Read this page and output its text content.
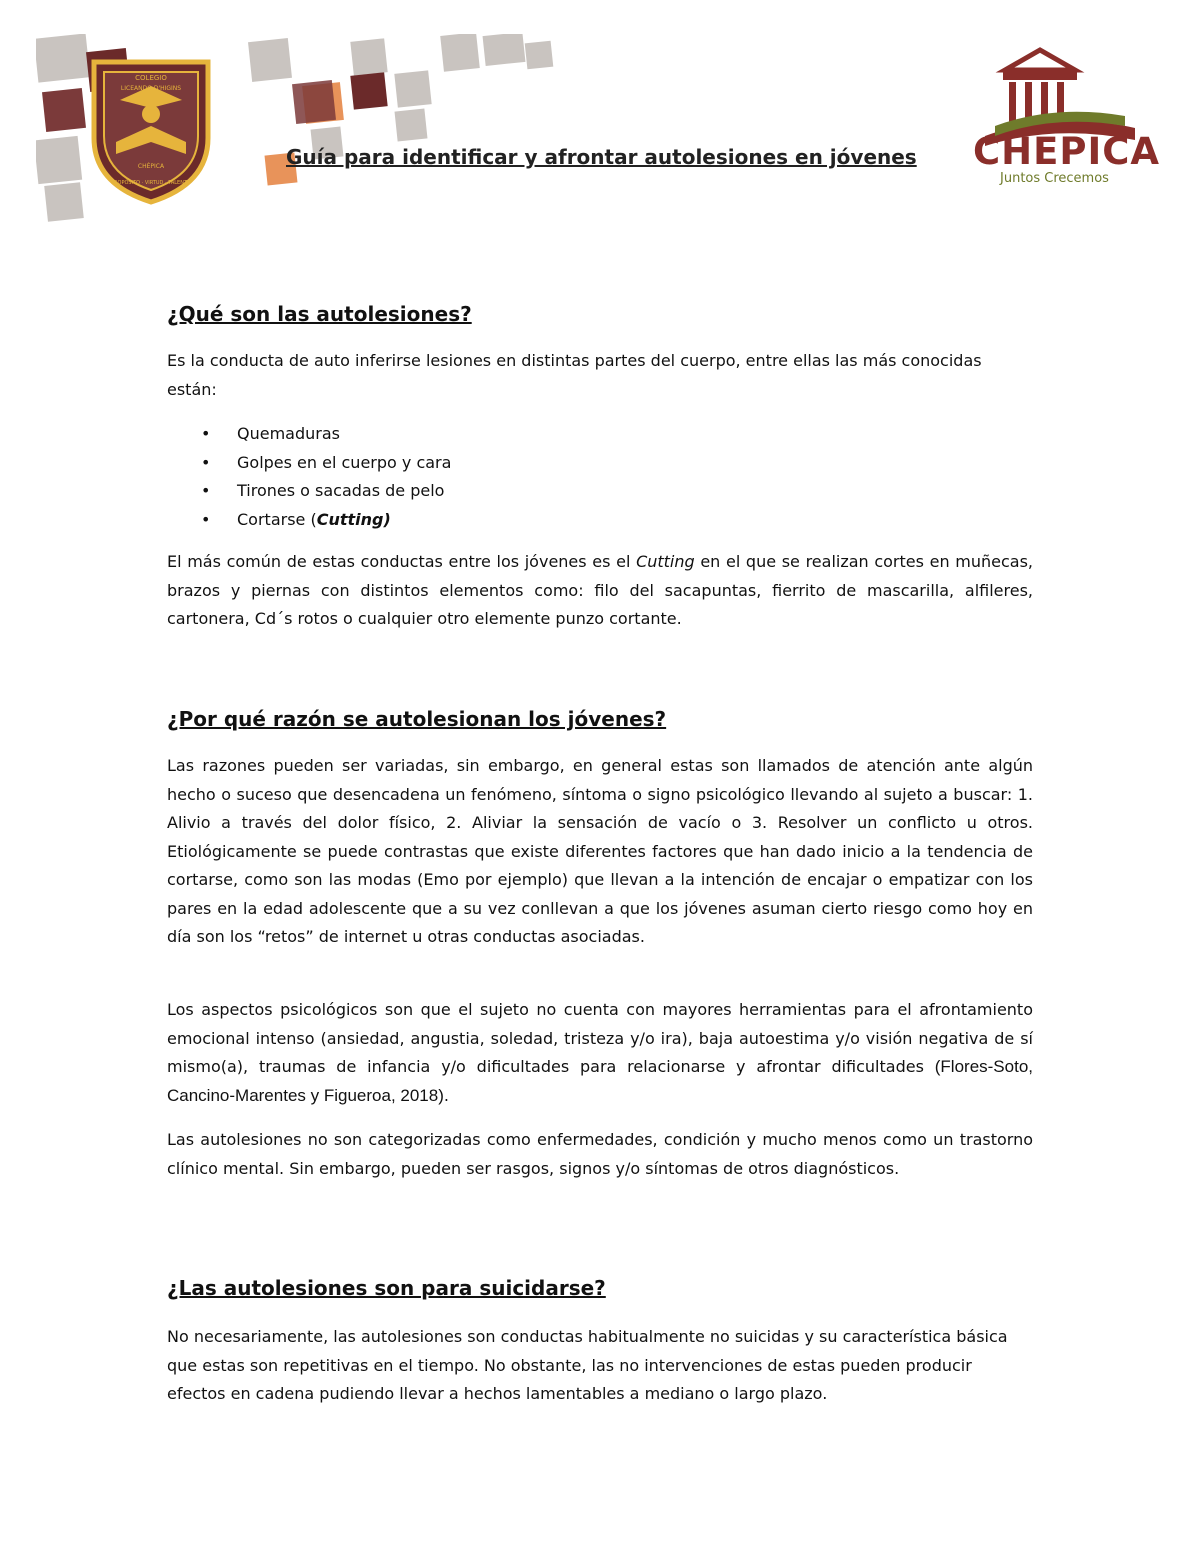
COLEGIO
LICEANDO D'HIGINS
CHÉPICA
PROPÓSITO · VIRTUD · TALENTO
CHÉPICA
Juntos Crecemos
Guía para identificar y afrontar autolesiones en jóvenes
¿Qué son las autolesiones?

Es la conducta de auto inferirse lesiones en distintas partes del cuerpo, entre ellas las más conocidas están:

• Quemaduras
• Golpes en el cuerpo y cara
• Tirones o sacadas de pelo
• Cortarse (Cutting)

El más común de estas conductas entre los jóvenes es el Cutting en el que se realizan cortes en muñecas, brazos y piernas con distintos elementos como: filo del sacapuntas, fierrito de mascarilla, alfileres, cartonera, Cd´s rotos o cualquier otro elemente punzo cortante.

¿Por qué razón se autolesionan los jóvenes?

Las razones pueden ser variadas, sin embargo, en general estas son llamados de atención ante algún hecho o suceso que desencadena un fenómeno, síntoma o signo psicológico llevando al sujeto a buscar: 1. Alivio a través del dolor físico, 2. Aliviar la sensación de vacío o 3. Resolver un conflicto u otros. Etiológicamente se puede contrastas que existe diferentes factores que han dado inicio a la tendencia de cortarse, como son las modas (Emo por ejemplo) que llevan a la intención de encajar o empatizar con los pares en la edad adolescente que a su vez conllevan a que los jóvenes asuman cierto riesgo como hoy en día son los “retos” de internet u otras conductas asociadas.

Los aspectos psicológicos son que el sujeto no cuenta con mayores herramientas para el afrontamiento emocional intenso (ansiedad, angustia, soledad, tristeza y/o ira), baja autoestima y/o visión negativa de sí mismo(a), traumas de infancia y/o dificultades para relacionarse y afrontar dificultades (Flores-Soto, Cancino-Marentes y Figueroa, 2018).

Las autolesiones no son categorizadas como enfermedades, condición y mucho menos como un trastorno clínico mental. Sin embargo, pueden ser rasgos, signos y/o síntomas de otros diagnósticos.

¿Las autolesiones son para suicidarse?

No necesariamente, las autolesiones son conductas habitualmente no suicidas y su característica básica que estas son repetitivas en el tiempo. No obstante, las no intervenciones de estas pueden producir efectos en cadena pudiendo llevar a hechos lamentables a mediano o largo plazo.
